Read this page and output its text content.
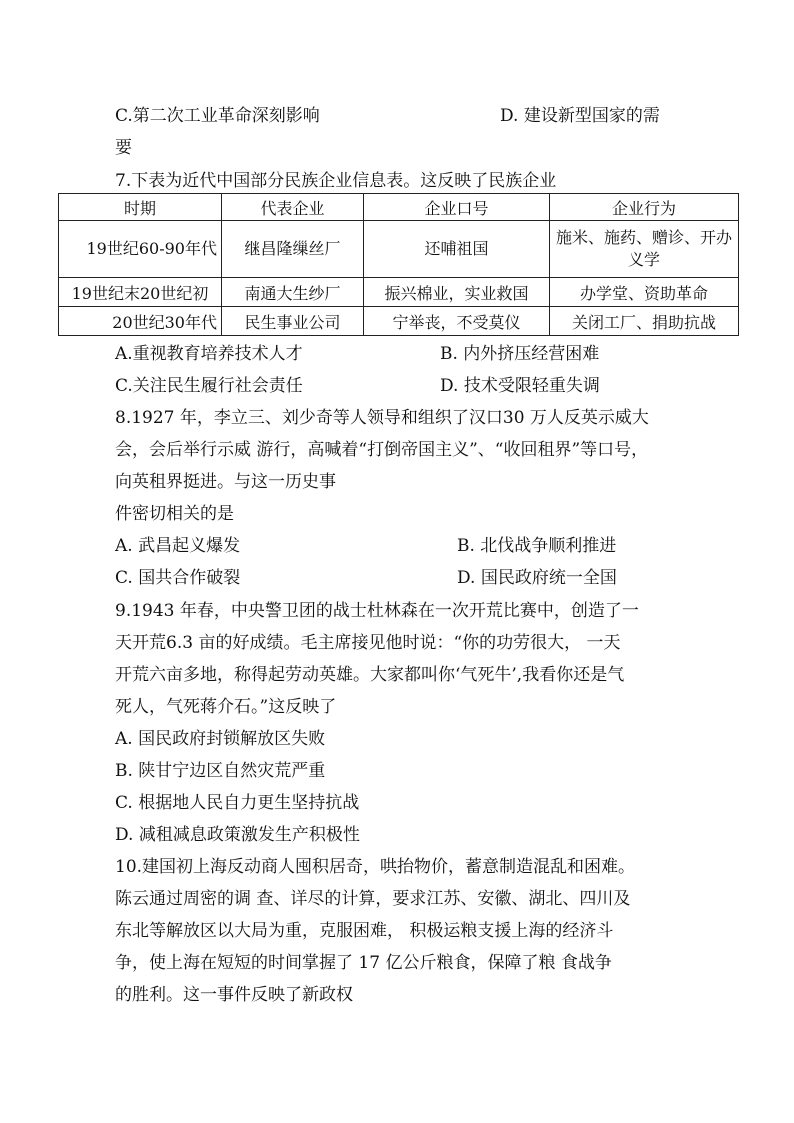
C.第二次工业革命深刻影响	D. 建设新型国家的需
要
7.下表为近代中国部分民族企业信息表。这反映了民族企业
时期	代表企业	企业口号	企业行为
19世纪60-90年代	继昌隆缫丝厂	还哺祖国	施米、施药、赠诊、开办义学
19世纪末20世纪初	南通大生纱厂	振兴棉业，实业救国	办学堂、资助革命
20世纪30年代	民生事业公司	宁举丧，不受莫仪	关闭工厂、捐助抗战
A.重视教育培养技术人才	B. 内外挤压经营困难
C.关注民生履行社会责任	D. 技术受限轻重失调
8.1927 年，李立三、刘少奇等人领导和组织了汉口30 万人反英示威大
会，会后举行示威 游行，高喊着“打倒帝国主义”、“收回租界”等口号，
向英租界挺进。与这一历史事
件密切相关的是
A. 武昌起义爆发	B. 北伐战争顺利推进
C. 国共合作破裂	D. 国民政府统一全国
9.1943 年春，中央警卫团的战士杜林森在一次开荒比赛中，创造了一
天开荒6.3 亩的好成绩。毛主席接见他时说：“你的功劳很大， 一天
开荒六亩多地，称得起劳动英雄。大家都叫你‘气死牛’,我看你还是气
死人，气死蒋介石。”这反映了
A. 国民政府封锁解放区失败
B. 陕甘宁边区自然灾荒严重
C. 根据地人民自力更生坚持抗战
D. 减租减息政策激发生产积极性
10.建国初上海反动商人囤积居奇，哄抬物价，蓄意制造混乱和困难。
陈云通过周密的调 查、详尽的计算，要求江苏、安徽、湖北、四川及
东北等解放区以大局为重，克服困难， 积极运粮支援上海的经济斗
争，使上海在短短的时间掌握了 17 亿公斤粮食，保障了粮 食战争
的胜利。这一事件反映了新政权
